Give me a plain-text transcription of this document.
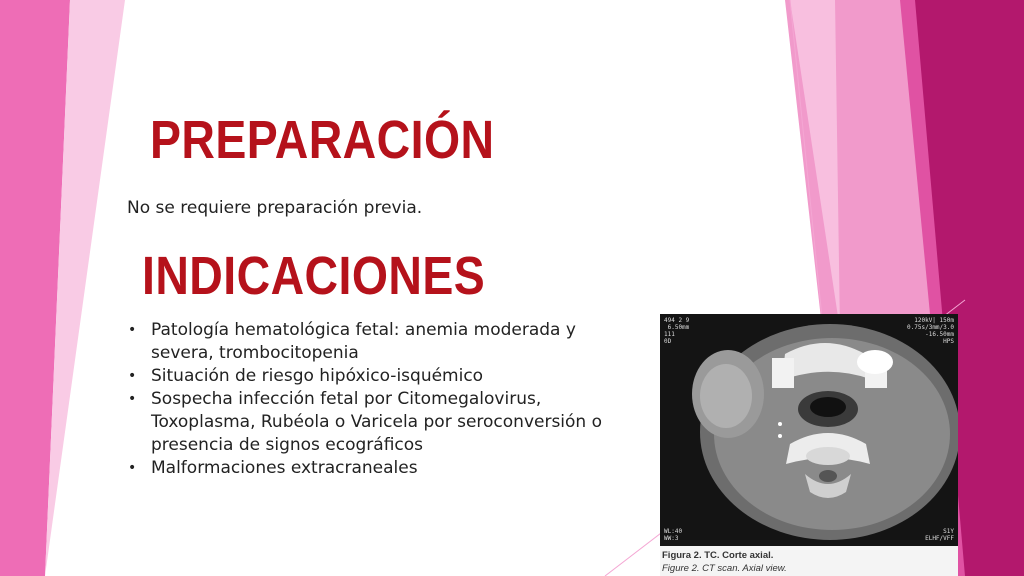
PREPARACIÓN

No se requiere preparación previa.

INDICACIONES
• Patología hematológica fetal: anemia moderada y severa, trombocitopenia
• Situación de riesgo hipóxico-isquémico
• Sospecha infección fetal por Citomegalovirus, Toxoplasma, Rubéola o Varicela por seroconversión o presencia de signos ecográficos
• Malformaciones extracraneales
494 2 9
6.50mm
111
0D
120kV| 150m
0.75s/3mm/3.0
-16.50mm
HPS
WL:40
WW:3
S1Y
ELHF/VFF
Figura 2. TC. Corte axial.
Figure 2. CT scan. Axial view.
